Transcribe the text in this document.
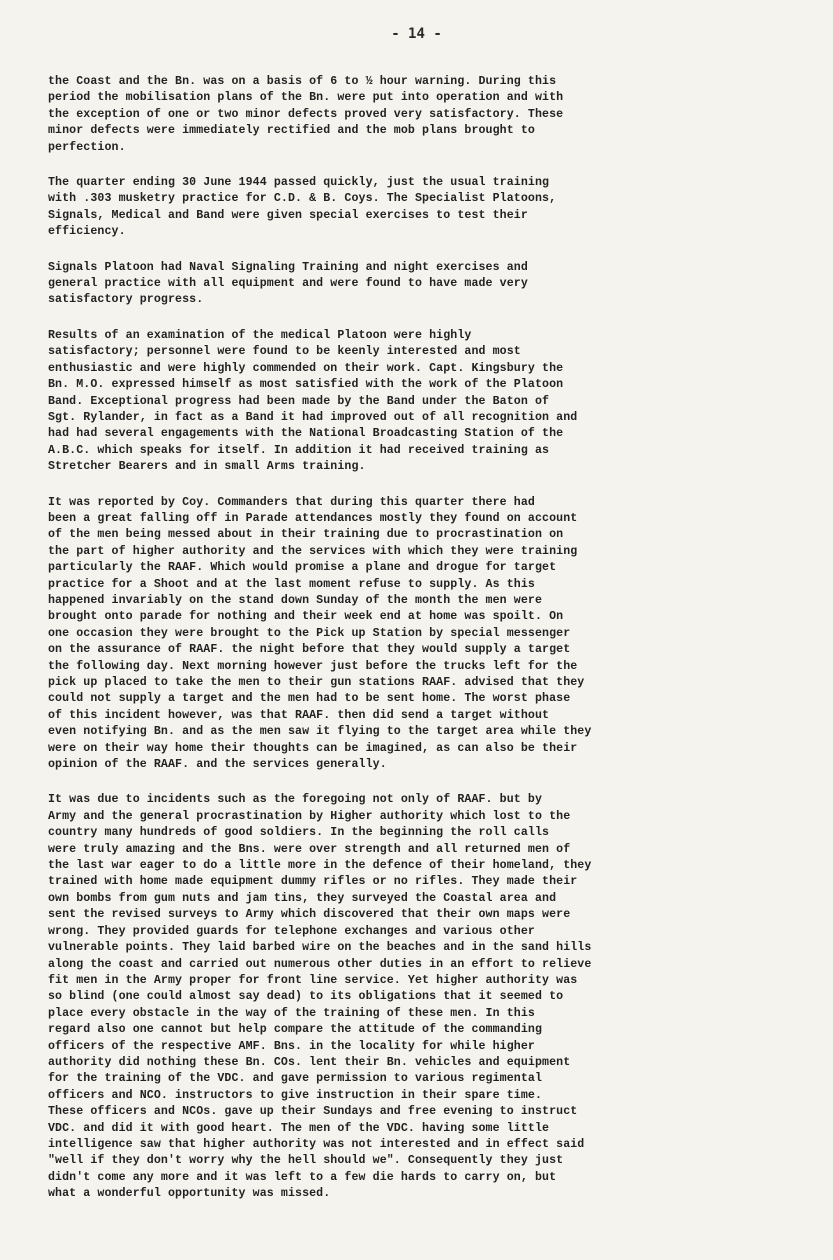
- 14 -

the Coast and the Bn. was on a basis of 6 to ½ hour warning. During this
period the mobilisation plans of the Bn. were put into operation and with
the exception of one or two minor defects proved very satisfactory. These
minor defects were immediately rectified and the mob plans brought to
perfection.

The quarter ending 30 June 1944 passed quickly, just the usual training
with .303 musketry practice for C.D. & B. Coys. The Specialist Platoons,
Signals, Medical and Band were given special exercises to test their
efficiency.

Signals Platoon had Naval Signaling Training and night exercises and
general practice with all equipment and were found to have made very
satisfactory progress.

Results of an examination of the medical Platoon were highly
satisfactory; personnel were found to be keenly interested and most
enthusiastic and were highly commended on their work. Capt. Kingsbury the
Bn. M.O. expressed himself as most satisfied with the work of the Platoon
Band. Exceptional progress had been made by the Band under the Baton of
Sgt. Rylander, in fact as a Band it had improved out of all recognition and
had had several engagements with the National Broadcasting Station of the
A.B.C. which speaks for itself. In addition it had received training as
Stretcher Bearers and in small Arms training.

It was reported by Coy. Commanders that during this quarter there had
been a great falling off in Parade attendances mostly they found on account
of the men being messed about in their training due to procrastination on
the part of higher authority and the services with which they were training
particularly the RAAF. Which would promise a plane and drogue for target
practice for a Shoot and at the last moment refuse to supply. As this
happened invariably on the stand down Sunday of the month the men were
brought onto parade for nothing and their week end at home was spoilt. On
one occasion they were brought to the Pick up Station by special messenger
on the assurance of RAAF. the night before that they would supply a target
the following day. Next morning however just before the trucks left for the
pick up placed to take the men to their gun stations RAAF. advised that they
could not supply a target and the men had to be sent home. The worst phase
of this incident however, was that RAAF. then did send a target without
even notifying Bn. and as the men saw it flying to the target area while they
were on their way home their thoughts can be imagined, as can also be their
opinion of the RAAF. and the services generally.

It was due to incidents such as the foregoing not only of RAAF. but by
Army and the general procrastination by Higher authority which lost to the
country many hundreds of good soldiers. In the beginning the roll calls
were truly amazing and the Bns. were over strength and all returned men of
the last war eager to do a little more in the defence of their homeland, they
trained with home made equipment dummy rifles or no rifles. They made their
own bombs from gum nuts and jam tins, they surveyed the Coastal area and
sent the revised surveys to Army which discovered that their own maps were
wrong. They provided guards for telephone exchanges and various other
vulnerable points. They laid barbed wire on the beaches and in the sand hills
along the coast and carried out numerous other duties in an effort to relieve
fit men in the Army proper for front line service. Yet higher authority was
so blind (one could almost say dead) to its obligations that it seemed to
place every obstacle in the way of the training of these men. In this
regard also one cannot but help compare the attitude of the commanding
officers of the respective AMF. Bns. in the locality for while higher
authority did nothing these Bn. COs. lent their Bn. vehicles and equipment
for the training of the VDC. and gave permission to various regimental
officers and NCO. instructors to give instruction in their spare time.
These officers and NCOs. gave up their Sundays and free evening to instruct
VDC. and did it with good heart. The men of the VDC. having some little
intelligence saw that higher authority was not interested and in effect said
"well if they don't worry why the hell should we". Consequently they just
didn't come any more and it was left to a few die hards to carry on, but
what a wonderful opportunity was missed.
